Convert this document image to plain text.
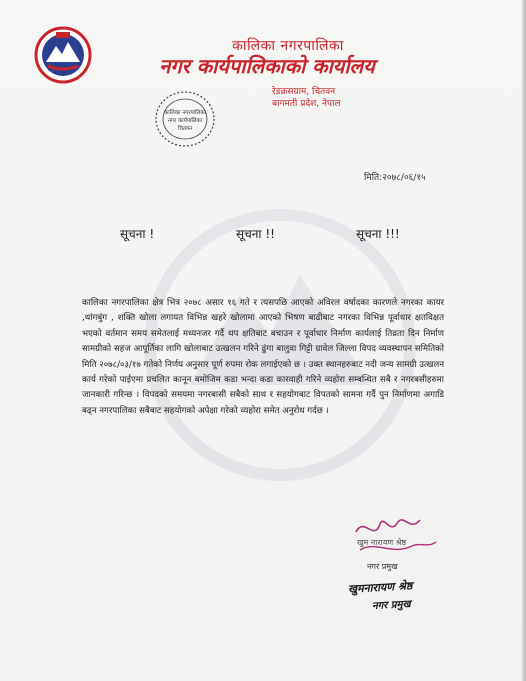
कालिका नगरपालिका
नगर कार्यपालिकाको कार्यालय
रेडक्रसग्राम, चितवन
बागमती प्रदेश, नेपाल
कालिका नगरपालिका
नगर कार्यपालिका
चितवन
मिति:२०७८/०६/१५
सूचना !	सूचना !!	सूचना !!!
कालिका नगरपालिका क्षेत्र भित्र २०७८ असार १६ गते र त्यसपछि आएको अविरल वर्षादका कारणले नगरका कायर ,थांगबुंग , शक्ति खोला लगायत विभिन्न खहरे खोलामा आएको भिषण बाढीबाट नगरका विभिन्न पूर्वाधार क्षतविक्षत भएको वर्तमान समय समेतलाई मध्यनजर गर्दै थप क्षतिबाट बचाउन र पूर्वाधार निर्माण कार्यलाई तिव्रता दिन निर्माण सामग्रीको सहज आपूर्तिका लागि खोलाबाट उत्खलन गरिने ढुंगा बालुवा गिट्टी ग्रावेल जिल्ला विपद व्यवस्थापन समितिको मिति २०७८/०३/१७ गतेको निर्णय अनुसार पूर्ण रुपमा रोक लगाईएको छ । उक्त स्थानहरुबाट नदी जन्य सामग्री उत्खलन कार्य गरेको पाईएमा प्रचलित कानून बमोजिम कडा भन्दा कडा कारवाही गरिने व्यहोरा सम्बन्धित सबै र नगरबसीहरुमा जानकारी गरिन्छ । विपदको समयमा नगरबासी सबैको साथ र सहयोगबाट विपतको सामना गर्दै पुन निर्माणमा अगाडि बढ्न नगरपालिका सबैबाट सहयोगको अपेक्षा गरेको व्यहोरा समेत अनुरोध गर्दछ ।
खुम नारायण श्रेष्ठ
नगर प्रमुख
खुमनारायण श्रेष्ठ
नगर प्रमुख
